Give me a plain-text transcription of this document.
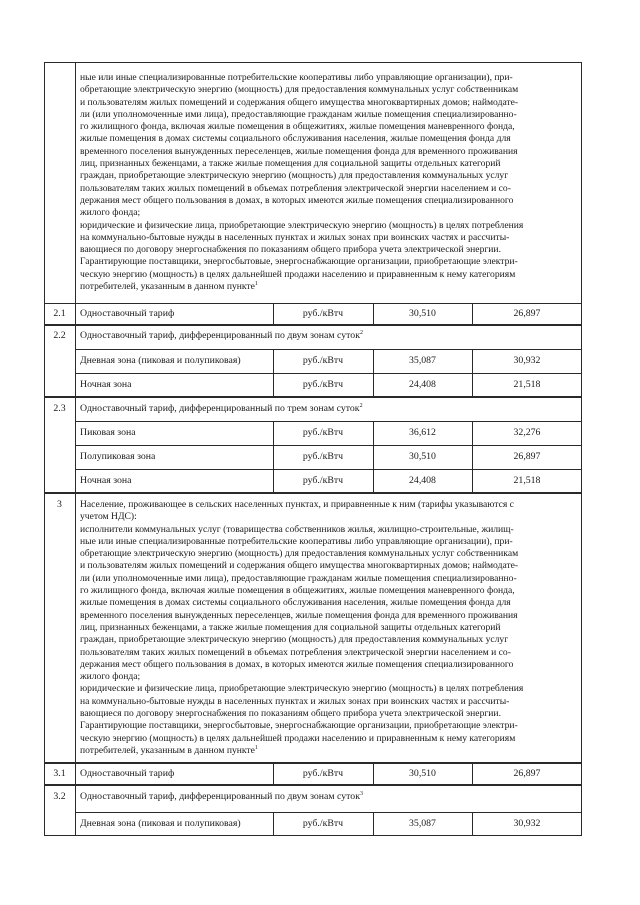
ные или иные специализированные потребительские кооперативы либо управляющие организации), при-
обретающие электрическую энергию (мощность) для предоставления коммунальных услуг собственникам
и пользователям жилых помещений и содержания общего имущества многоквартирных домов; наймодате-
ли (или уполномоченные ими лица), предоставляющие гражданам жилые помещения специализированно-
го жилищного фонда, включая жилые помещения в общежитиях, жилые помещения маневренного фонда,
жилые помещения в домах системы социального обслуживания населения, жилые помещения фонда для
временного поселения вынужденных переселенцев, жилые помещения фонда для временного проживания
лиц, признанных беженцами, а также жилые помещения для социальной защиты отдельных категорий
граждан, приобретающие электрическую энергию (мощность) для предоставления коммунальных услуг
пользователям таких жилых помещений в объемах потребления электрической энергии населением и со-
держания мест общего пользования в домах, в которых имеются жилые помещения специализированного
жилого фонда;
юридические и физические лица, приобретающие электрическую энергию (мощность) в целях потребления
на коммунально-бытовые нужды в населенных пунктах и жилых зонах при воинских частях и рассчиты-
вающиеся по договору энергоснабжения по показаниям общего прибора учета электрической энергии.
Гарантирующие поставщики, энергосбытовые, энергоснабжающие организации, приобретающие электри-
ческую энергию (мощность) в целях дальнейшей продажи населению и приравненным к нему категориям
потребителей, указанным в данном пункте$^1$
2.1	Одноставочный тариф	руб./кВтч	30,510	26,897
2.2	Одноставочный тариф, дифференцированный по двум зонам суток$^2$
Дневная зона (пиковая и полупиковая)	руб./кВтч	35,087	30,932
Ночная зона	руб./кВтч	24,408	21,518
2.3	Одноставочный тариф, дифференцированный по трем зонам суток$^2$
Пиковая зона	руб./кВтч	36,612	32,276
Полупиковая зона	руб./кВтч	30,510	26,897
Ночная зона	руб./кВтч	24,408	21,518
3	Население, проживающее в сельских населенных пунктах, и приравненные к ним (тарифы указываются с
учетом НДС):
исполнители коммунальных услуг (товарищества собственников жилья, жилищно-строительные, жилищ-
ные или иные специализированные потребительские кооперативы либо управляющие организации), при-
обретающие электрическую энергию (мощность) для предоставления коммунальных услуг собственникам
и пользователям жилых помещений и содержания общего имущества многоквартирных домов; наймодате-
ли (или уполномоченные ими лица), предоставляющие гражданам жилые помещения специализированно-
го жилищного фонда, включая жилые помещения в общежитиях, жилые помещения маневренного фонда,
жилые помещения в домах системы социального обслуживания населения, жилые помещения фонда для
временного поселения вынужденных переселенцев, жилые помещения фонда для временного проживания
лиц, признанных беженцами, а также жилые помещения для социальной защиты отдельных категорий
граждан, приобретающие электрическую энергию (мощность) для предоставления коммунальных услуг
пользователям таких жилых помещений в объемах потребления электрической энергии населением и со-
держания мест общего пользования в домах, в которых имеются жилые помещения специализированного
жилого фонда;
юридические и физические лица, приобретающие электрическую энергию (мощность) в целях потребления
на коммунально-бытовые нужды в населенных пунктах и жилых зонах при воинских частях и рассчиты-
вающиеся по договору энергоснабжения по показаниям общего прибора учета электрической энергии.
Гарантирующие поставщики, энергосбытовые, энергоснабжающие организации, приобретающие электри-
ческую энергию (мощность) в целях дальнейшей продажи населению и приравненным к нему категориям
потребителей, указанным в данном пункте$^1$
3.1	Одноставочный тариф	руб./кВтч	30,510	26,897
3.2	Одноставочный тариф, дифференцированный по двум зонам суток$^3$
Дневная зона (пиковая и полупиковая)	руб./кВтч	35,087	30,932
